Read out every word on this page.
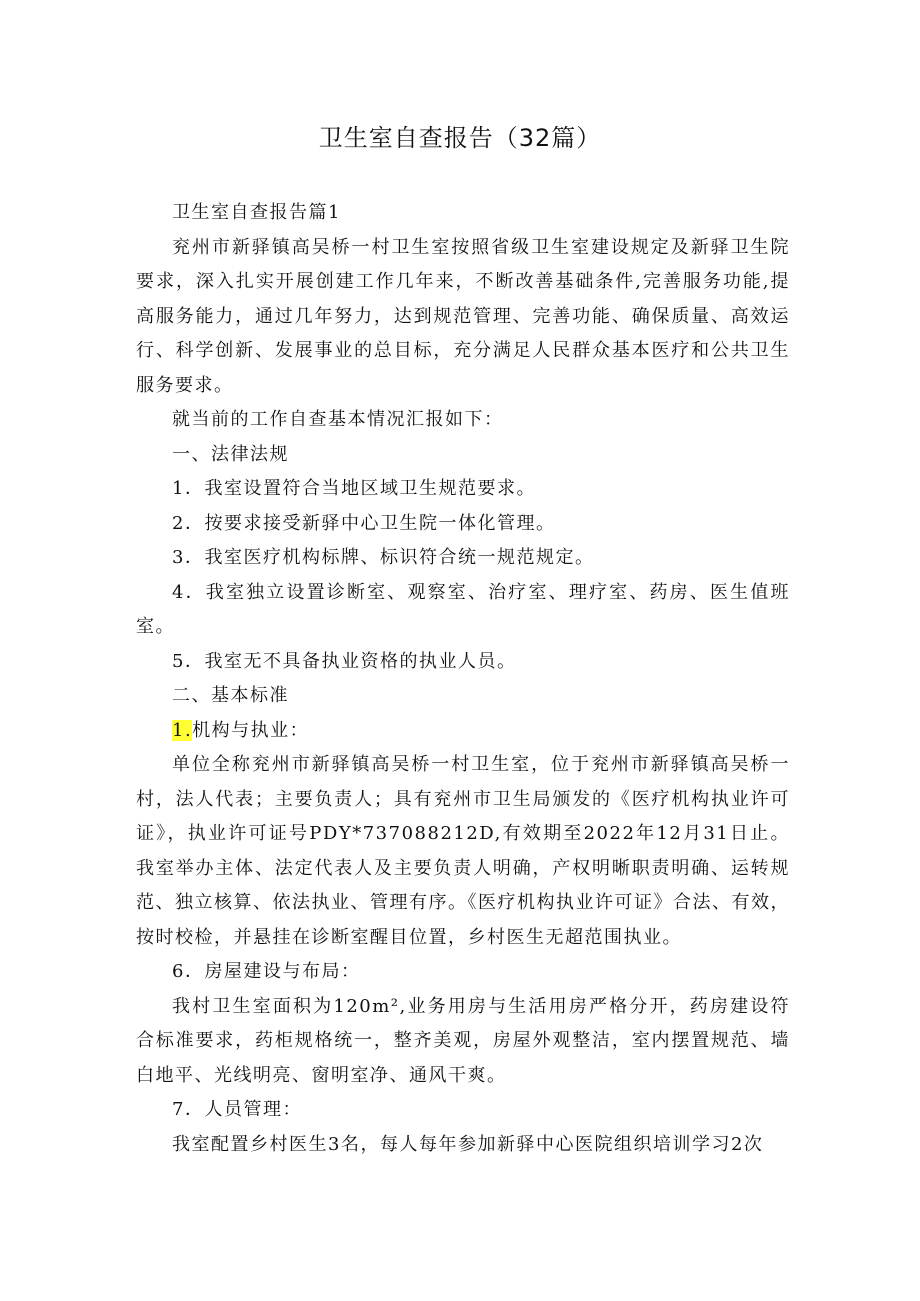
卫生室自查报告（32篇）

卫生室自查报告篇1

兖州市新驿镇高吴桥一村卫生室按照省级卫生室建设规定及新驿卫生院要求，深入扎实开展创建工作几年来，不断改善基础条件,完善服务功能,提高服务能力，通过几年努力，达到规范管理、完善功能、确保质量、高效运行、科学创新、发展事业的总目标，充分满足人民群众基本医疗和公共卫生服务要求。

就当前的工作自查基本情况汇报如下：

一、法律法规

1．我室设置符合当地区域卫生规范要求。

2．按要求接受新驿中心卫生院一体化管理。

3．我室医疗机构标牌、标识符合统一规范规定。

4．我室独立设置诊断室、观察室、治疗室、理疗室、药房、医生值班室。

5．我室无不具备执业资格的执业人员。

二、基本标准

1.机构与执业：

单位全称兖州市新驿镇高吴桥一村卫生室，位于兖州市新驿镇高吴桥一村，法人代表；主要负责人；具有兖州市卫生局颁发的《医疗机构执业许可证》，执业许可证号PDY*737088212D,有效期至2022年12月31日止。我室举办主体、法定代表人及主要负责人明确，产权明晰职责明确、运转规范、独立核算、依法执业、管理有序。《医疗机构执业许可证》合法、有效，按时校检，并悬挂在诊断室醒目位置，乡村医生无超范围执业。

6．房屋建设与布局：

我村卫生室面积为120m²,业务用房与生活用房严格分开，药房建设符合标准要求，药柜规格统一，整齐美观，房屋外观整洁，室内摆置规范、墙白地平、光线明亮、窗明室净、通风干爽。

7．人员管理：

我室配置乡村医生3名，每人每年参加新驿中心医院组织培训学习2次
